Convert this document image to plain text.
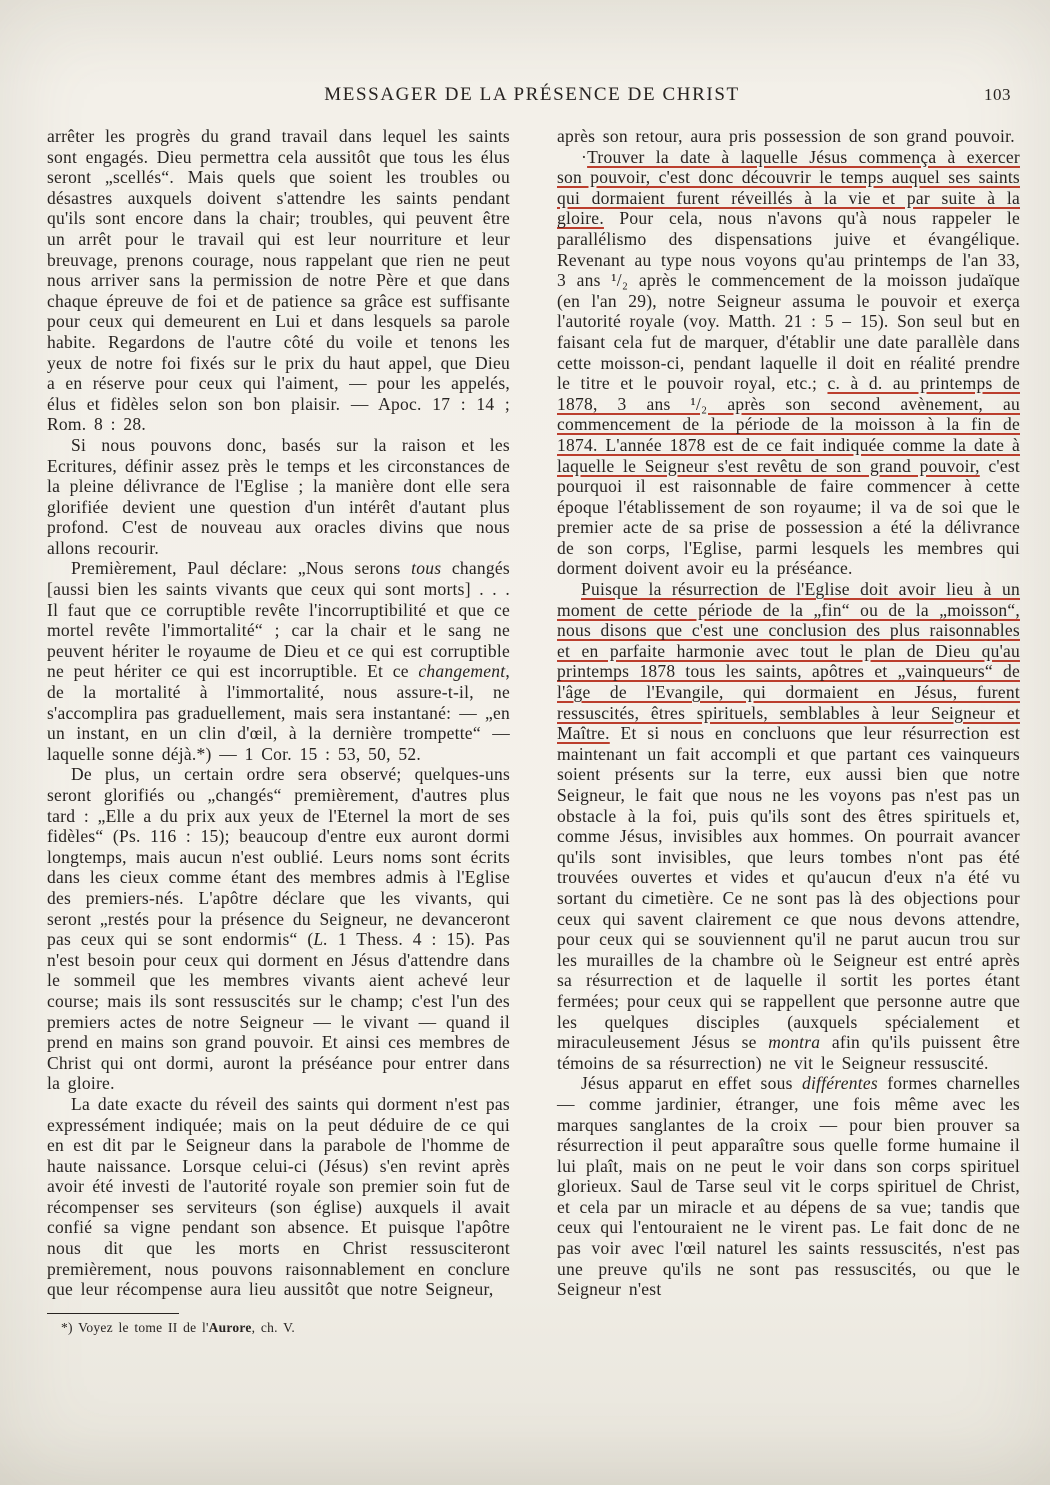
MESSAGER DE LA PRÉSENCE DE CHRIST	103

arrêter les progrès du grand travail dans lequel les saints sont engagés. Dieu permettra cela aussitôt que tous les élus seront „scellés“. Mais quels que soient les troubles ou désastres auxquels doivent s'attendre les saints pendant qu'ils sont encore dans la chair; troubles, qui peuvent être un arrêt pour le travail qui est leur nourriture et leur breuvage, prenons courage, nous rappelant que rien ne peut nous arriver sans la permission de notre Père et que dans chaque épreuve de foi et de patience sa grâce est suffisante pour ceux qui demeurent en Lui et dans lesquels sa parole habite. Regardons de l'autre côté du voile et tenons les yeux de notre foi fixés sur le prix du haut appel, que Dieu a en réserve pour ceux qui l'aiment, — pour les appelés, élus et fidèles selon son bon plaisir. — Apoc. 17 : 14 ; Rom. 8 : 28.

Si nous pouvons donc, basés sur la raison et les Ecritures, définir assez près le temps et les circonstances de la pleine délivrance de l'Eglise ; la manière dont elle sera glorifiée devient une question d'un intérêt d'autant plus profond. C'est de nouveau aux oracles divins que nous allons recourir.

Premièrement, Paul déclare: „Nous serons tous changés [aussi bien les saints vivants que ceux qui sont morts] . . . Il faut que ce corruptible revête l'incorruptibilité et que ce mortel revête l'immortalité“ ; car la chair et le sang ne peuvent hériter le royaume de Dieu et ce qui est corruptible ne peut hériter ce qui est incorruptible. Et ce changement, de la mortalité à l'immortalité, nous assure-t-il, ne s'accomplira pas graduellement, mais sera instantané: — „en un instant, en un clin d'œil, à la dernière trompette“ — laquelle sonne déjà.*) — 1 Cor. 15 : 53, 50, 52.

De plus, un certain ordre sera observé; quelques-uns seront glorifiés ou „changés“ premièrement, d'autres plus tard : „Elle a du prix aux yeux de l'Eternel la mort de ses fidèles“ (Ps. 116 : 15); beaucoup d'entre eux auront dormi longtemps, mais aucun n'est oublié. Leurs noms sont écrits dans les cieux comme étant des membres admis à l'Eglise des premiers-nés. L'apôtre déclare que les vivants, qui seront „restés pour la présence du Seigneur, ne devanceront pas ceux qui se sont endormis“ (L. 1 Thess. 4 : 15). Pas n'est besoin pour ceux qui dorment en Jésus d'attendre dans le sommeil que les membres vivants aient achevé leur course; mais ils sont ressuscités sur le champ; c'est l'un des premiers actes de notre Seigneur — le vivant — quand il prend en mains son grand pouvoir. Et ainsi ces membres de Christ qui ont dormi, auront la préséance pour entrer dans la gloire.

La date exacte du réveil des saints qui dorment n'est pas expressément indiquée; mais on la peut déduire de ce qui en est dit par le Seigneur dans la parabole de l'homme de haute naissance. Lorsque celui-ci (Jésus) s'en revint après avoir été investi de l'autorité royale son premier soin fut de récompenser ses serviteurs (son église) auxquels il avait confié sa vigne pendant son absence. Et puisque l'apôtre nous dit que les morts en Christ ressusciteront premièrement, nous pouvons raisonnablement en conclure que leur récompense aura lieu aussitôt que notre Seigneur,

*) Voyez le tome II de l'Aurore, ch. V.

après son retour, aura pris possession de son grand pouvoir.

·Trouver la date à laquelle Jésus commença à exercer son pouvoir, c'est donc découvrir le temps auquel ses saints qui dormaient furent réveillés à la vie et par suite à la gloire. Pour cela, nous n'avons qu'à nous rappeler le parallélismo des dispensations juive et évangélique. Revenant au type nous voyons qu'au printemps de l'an 33, 3 ans ¹/₂ après le commencement de la moisson judaïque (en l'an 29), notre Seigneur assuma le pouvoir et exerça l'autorité royale (voy. Matth. 21 : 5 – 15). Son seul but en faisant cela fut de marquer, d'établir une date parallèle dans cette moisson-ci, pendant laquelle il doit en réalité prendre le titre et le pouvoir royal, etc.; c. à d. au printemps de 1878, 3 ans ¹/₂ après son second avènement, au commencement de la période de la moisson à la fin de 1874. L'année 1878 est de ce fait indiquée comme la date à laquelle le Seigneur s'est revêtu de son grand pouvoir, c'est pourquoi il est raisonnable de faire commencer à cette époque l'établissement de son royaume; il va de soi que le premier acte de sa prise de possession a été la délivrance de son corps, l'Eglise, parmi lesquels les membres qui dorment doivent avoir eu la préséance.

Puisque la résurrection de l'Eglise doit avoir lieu à un moment de cette période de la „fin“ ou de la „moisson“, nous disons que c'est une conclusion des plus raisonnables et en parfaite harmonie avec tout le plan de Dieu qu'au printemps 1878 tous les saints, apôtres et „vainqueurs“ de l'âge de l'Evangile, qui dormaient en Jésus, furent ressuscités, êtres spirituels, semblables à leur Seigneur et Maître. Et si nous en concluons que leur résurrection est maintenant un fait accompli et que partant ces vainqueurs soient présents sur la terre, eux aussi bien que notre Seigneur, le fait que nous ne les voyons pas n'est pas un obstacle à la foi, puis qu'ils sont des êtres spirituels et, comme Jésus, invisibles aux hommes. On pourrait avancer qu'ils sont invisibles, que leurs tombes n'ont pas été trouvées ouvertes et vides et qu'aucun d'eux n'a été vu sortant du cimetière. Ce ne sont pas là des objections pour ceux qui savent clairement ce que nous devons attendre, pour ceux qui se souviennent qu'il ne parut aucun trou sur les murailles de la chambre où le Seigneur est entré après sa résurrection et de laquelle il sortit les portes étant fermées; pour ceux qui se rappellent que personne autre que les quelques disciples (auxquels spécialement et miraculeusement Jésus se montra afin qu'ils puissent être témoins de sa résurrection) ne vit le Seigneur ressuscité.

Jésus apparut en effet sous différentes formes charnelles — comme jardinier, étranger, une fois même avec les marques sanglantes de la croix — pour bien prouver sa résurrection il peut apparaître sous quelle forme humaine il lui plaît, mais on ne peut le voir dans son corps spirituel glorieux. Saul de Tarse seul vit le corps spirituel de Christ, et cela par un miracle et au dépens de sa vue; tandis que ceux qui l'entouraient ne le virent pas. Le fait donc de ne pas voir avec l'œil naturel les saints ressuscités, n'est pas une preuve qu'ils ne sont pas ressuscités, ou que le Seigneur n'est
